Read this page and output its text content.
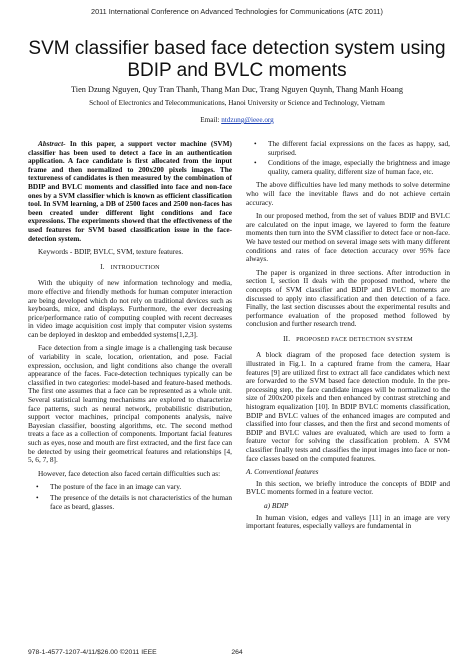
2011 International Conference on Advanced Technologies for Communications (ATC 2011)
SVM classifier based face detection system using BDIP and BVLC moments
Tien Dzung Nguyen, Quy Tran Thanh, Thang Man Duc, Trang Nguyen Quynh, Thang Manh Hoang
School of Electronics and Telecommunications, Hanoi University or Science and Technology, Vietnam
Email: ntdzung@ieee.org

Abstract- In this paper, a support vector machine (SVM) classifier has been used to detect a face in an authentication application. A face candidate is first allocated from the input frame and then normalized to 200x200 pixels images. The textureness of candidates is then measured by the combination of BDIP and BVLC moments and classified into face and non-face ones by a SVM classifier which is known as efficient classification tool. In SVM learning, a DB of 2500 faces and 2500 non-faces has been created under different light conditions and face expressions. The experiments showed that the effectiveness of the used features for SVM based classification issue in the face-detection system.

Keywords - BDIP, BVLC, SVM, texture features.

I. INTRODUCTION

With the ubiquity of new information technology and media, more effective and friendly methods for human computer interaction are being developed which do not rely on traditional devices such as keyboards, mice, and displays. Furthermore, the ever decreasing price/performance ratio of computing coupled with recent decreases in video image acquisition cost imply that computer vision systems can be deployed in desktop and embedded systems[1,2,3].

Face detection from a single image is a challenging task because of variability in scale, location, orientation, and pose. Facial expression, occlusion, and light conditions also change the overall appearance of the faces. Face-detection techniques typically can be classified in two categories: model-based and feature-based methods. The first one assumes that a face can be represented as a whole unit. Several statistical learning mechanisms are explored to characterize face patterns, such as neural network, probabilistic distribution, support vector machines, principal components analysis, naive Bayesian classifier, boosting algorithms, etc. The second method treats a face as a collection of components. Important facial features such as eyes, nose and mouth are first extracted, and the first face can be detected by using their geometrical features and relationships [4, 5, 6, 7, 8].

However, face detection also faced certain difficulties such as:

• The posture of the face in an image can vary.
• The presence of the details is not characteristics of the human face as beard, glasses.
• The different facial expressions on the faces as happy, sad, surprised.
• Conditions of the image, especially the brightness and image quality, camera quality, different size of human face, etc.

The above difficulties have led many methods to solve determine who will face the inevitable flaws and do not achieve certain accuracy.

In our proposed method, from the set of values BDIP and BVLC are calculated on the input image, we layered to form the feature moments then turn into the SVM classifier to detect face or non-face. We have tested our method on several image sets with many different conditions and rates of face detection accuracy over 95% face always.

The paper is organized in three sections. After introduction in section I, section II deals with the proposed method, where the concepts of SVM classifier and BDIP and BVLC moments are discussed to apply into classification and then detection of a face. Finally, the last section discusses about the experimental results and performance evaluation of the proposed method followed by conclusion and further research trend.

II. PROPOSED FACE DETECTION SYSTEM

A block diagram of the proposed face detection system is illustrated in Fig.1. In a captured frame from the camera, Haar features [9] are utilized first to extract all face candidates which next are forwarded to the SVM based face detection module. In the pre-processing step, the face candidate images will be normalized to the size of 200x200 pixels and then enhanced by contrast stretching and histogram equalization [10]. In BDIP BVLC moments classification, BDIP and BVLC values of the enhanced images are computed and classified into four classes, and then the first and second moments of BDIP and BVLC values are evaluated, which are used to form a feature vector for solving the classification problem. A SVM classifier finally tests and classifies the input images into face or non-face classes based on the computed features.

A. Conventional features

In this section, we briefly introduce the concepts of BDIP and BVLC moments formed in a feature vector.

a) BDIP

In human vision, edges and valleys [11] in an image are very important features, especially valleys are fundamental in

978-1-4577-1207-4/11/$26.00 ©2011 IEEE	264
